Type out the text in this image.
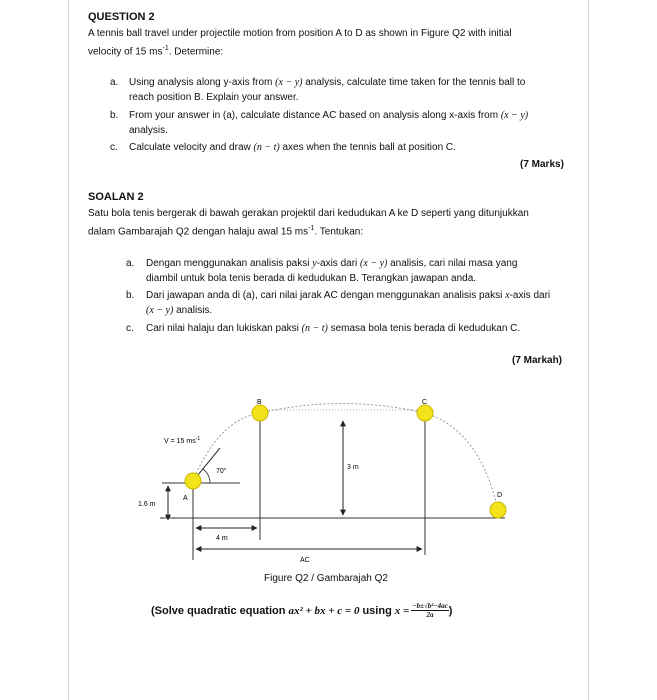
QUESTION 2
A tennis ball travel under projectile motion from position A to D as shown in Figure Q2 with initial
velocity of 15 $ms^{-1}$. Determine:
a. Using analysis along y-axis from (x − y) analysis, calculate time taken for the tennis ball to
reach position B. Explain your answer.
b. From your answer in (a), calculate distance AC based on analysis along x-axis from (x − y)
analysis.
c. Calculate velocity and draw (n − t) axes when the tennis ball at position C.
(7 Marks)
SOALAN 2
Satu bola tenis bergerak di bawah gerakan projektil dari kedudukan A ke D seperti yang ditunjukkan
dalam Gambarajah Q2 dengan halaju awal 15 $ms^{-1}$. Tentukan:
a. Dengan menggunakan analisis paksi y-axis dari (x − y) analisis, cari nilai masa yang
diambil untuk bola tenis berada di kedudukan B. Terangkan jawapan anda.
b. Dari jawapan anda di (a), cari nilai jarak AC dengan menggunakan analisis paksi x-axis dari
(x − y) analisis.
c. Cari nilai halaju dan lukiskan paksi (n − t) semasa bola tenis berada di kedudukan C.
(7 Markah)
B	C
A	D
V = 15 $ms^{-1}$
70°
3 m
1.6 m
4 m
AC
Figure Q2 / Gambarajah Q2
(Solve quadratic equation ax² + bx + c = 0 using $x = \frac{\text{−b±√b²−4ac}}{2a}$ )
